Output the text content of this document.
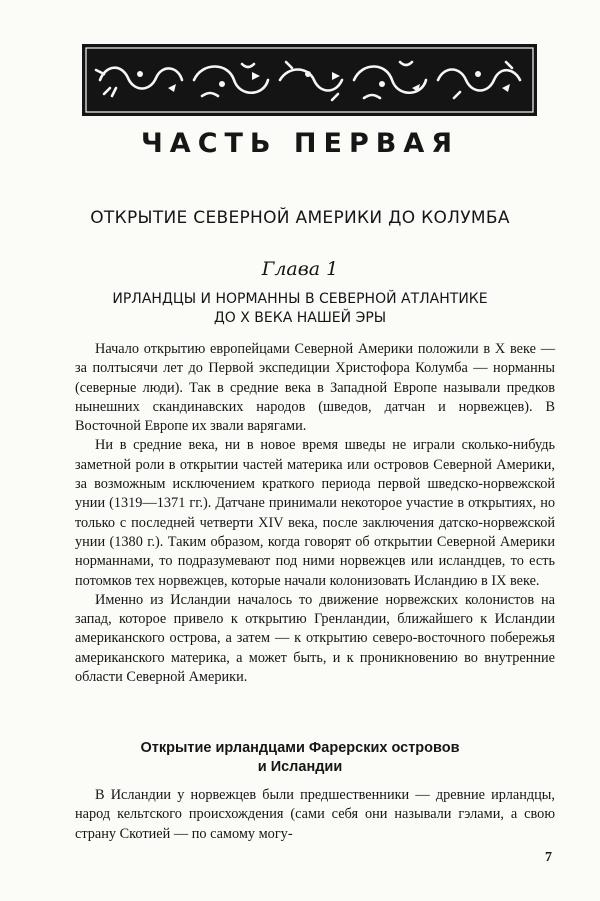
ЧАСТЬ ПЕРВАЯ
ОТКРЫТИЕ СЕВЕРНОЙ АМЕРИКИ ДО КОЛУМБА
Глава 1
ИРЛАНДЦЫ И НОРМАННЫ В СЕВЕРНОЙ АТЛАНТИКЕ
ДО X ВЕКА НАШЕЙ ЭРЫ

Начало открытию европейцами Северной Америки положили в X веке — за полтысячи лет до Первой экспедиции Христофора Колумба — норманны (северные люди). Так в средние века в Западной Европе называли предков нынешних скандинавских народов (шведов, датчан и норвежцев). В Восточной Европе их звали варягами.

Ни в средние века, ни в новое время шведы не играли сколько-нибудь заметной роли в открытии частей материка или островов Северной Америки, за возможным исключением краткого периода первой шведско-норвежской унии (1319—1371 гг.). Датчане принимали некоторое участие в открытиях, но только с последней четверти XIV века, после заключения датско-норвежской унии (1380 г.). Таким образом, когда говорят об открытии Северной Америки норманнами, то подразумевают под ними норвежцев или исландцев, то есть потомков тех норвежцев, которые начали колонизовать Исландию в IX веке.

Именно из Исландии началось то движение норвежских колонистов на запад, которое привело к открытию Гренландии, ближайшего к Исландии американского острова, а затем — к открытию северо-восточного побережья американского материка, а может быть, и к проникновению во внутренние области Северной Америки.

Открытие ирландцами Фарерских островов
и Исландии

В Исландии у норвежцев были предшественники — древние ирландцы, народ кельтского происхождения (сами себя они называли гэлами, а свою страну Скотией — по самому могу-

7
